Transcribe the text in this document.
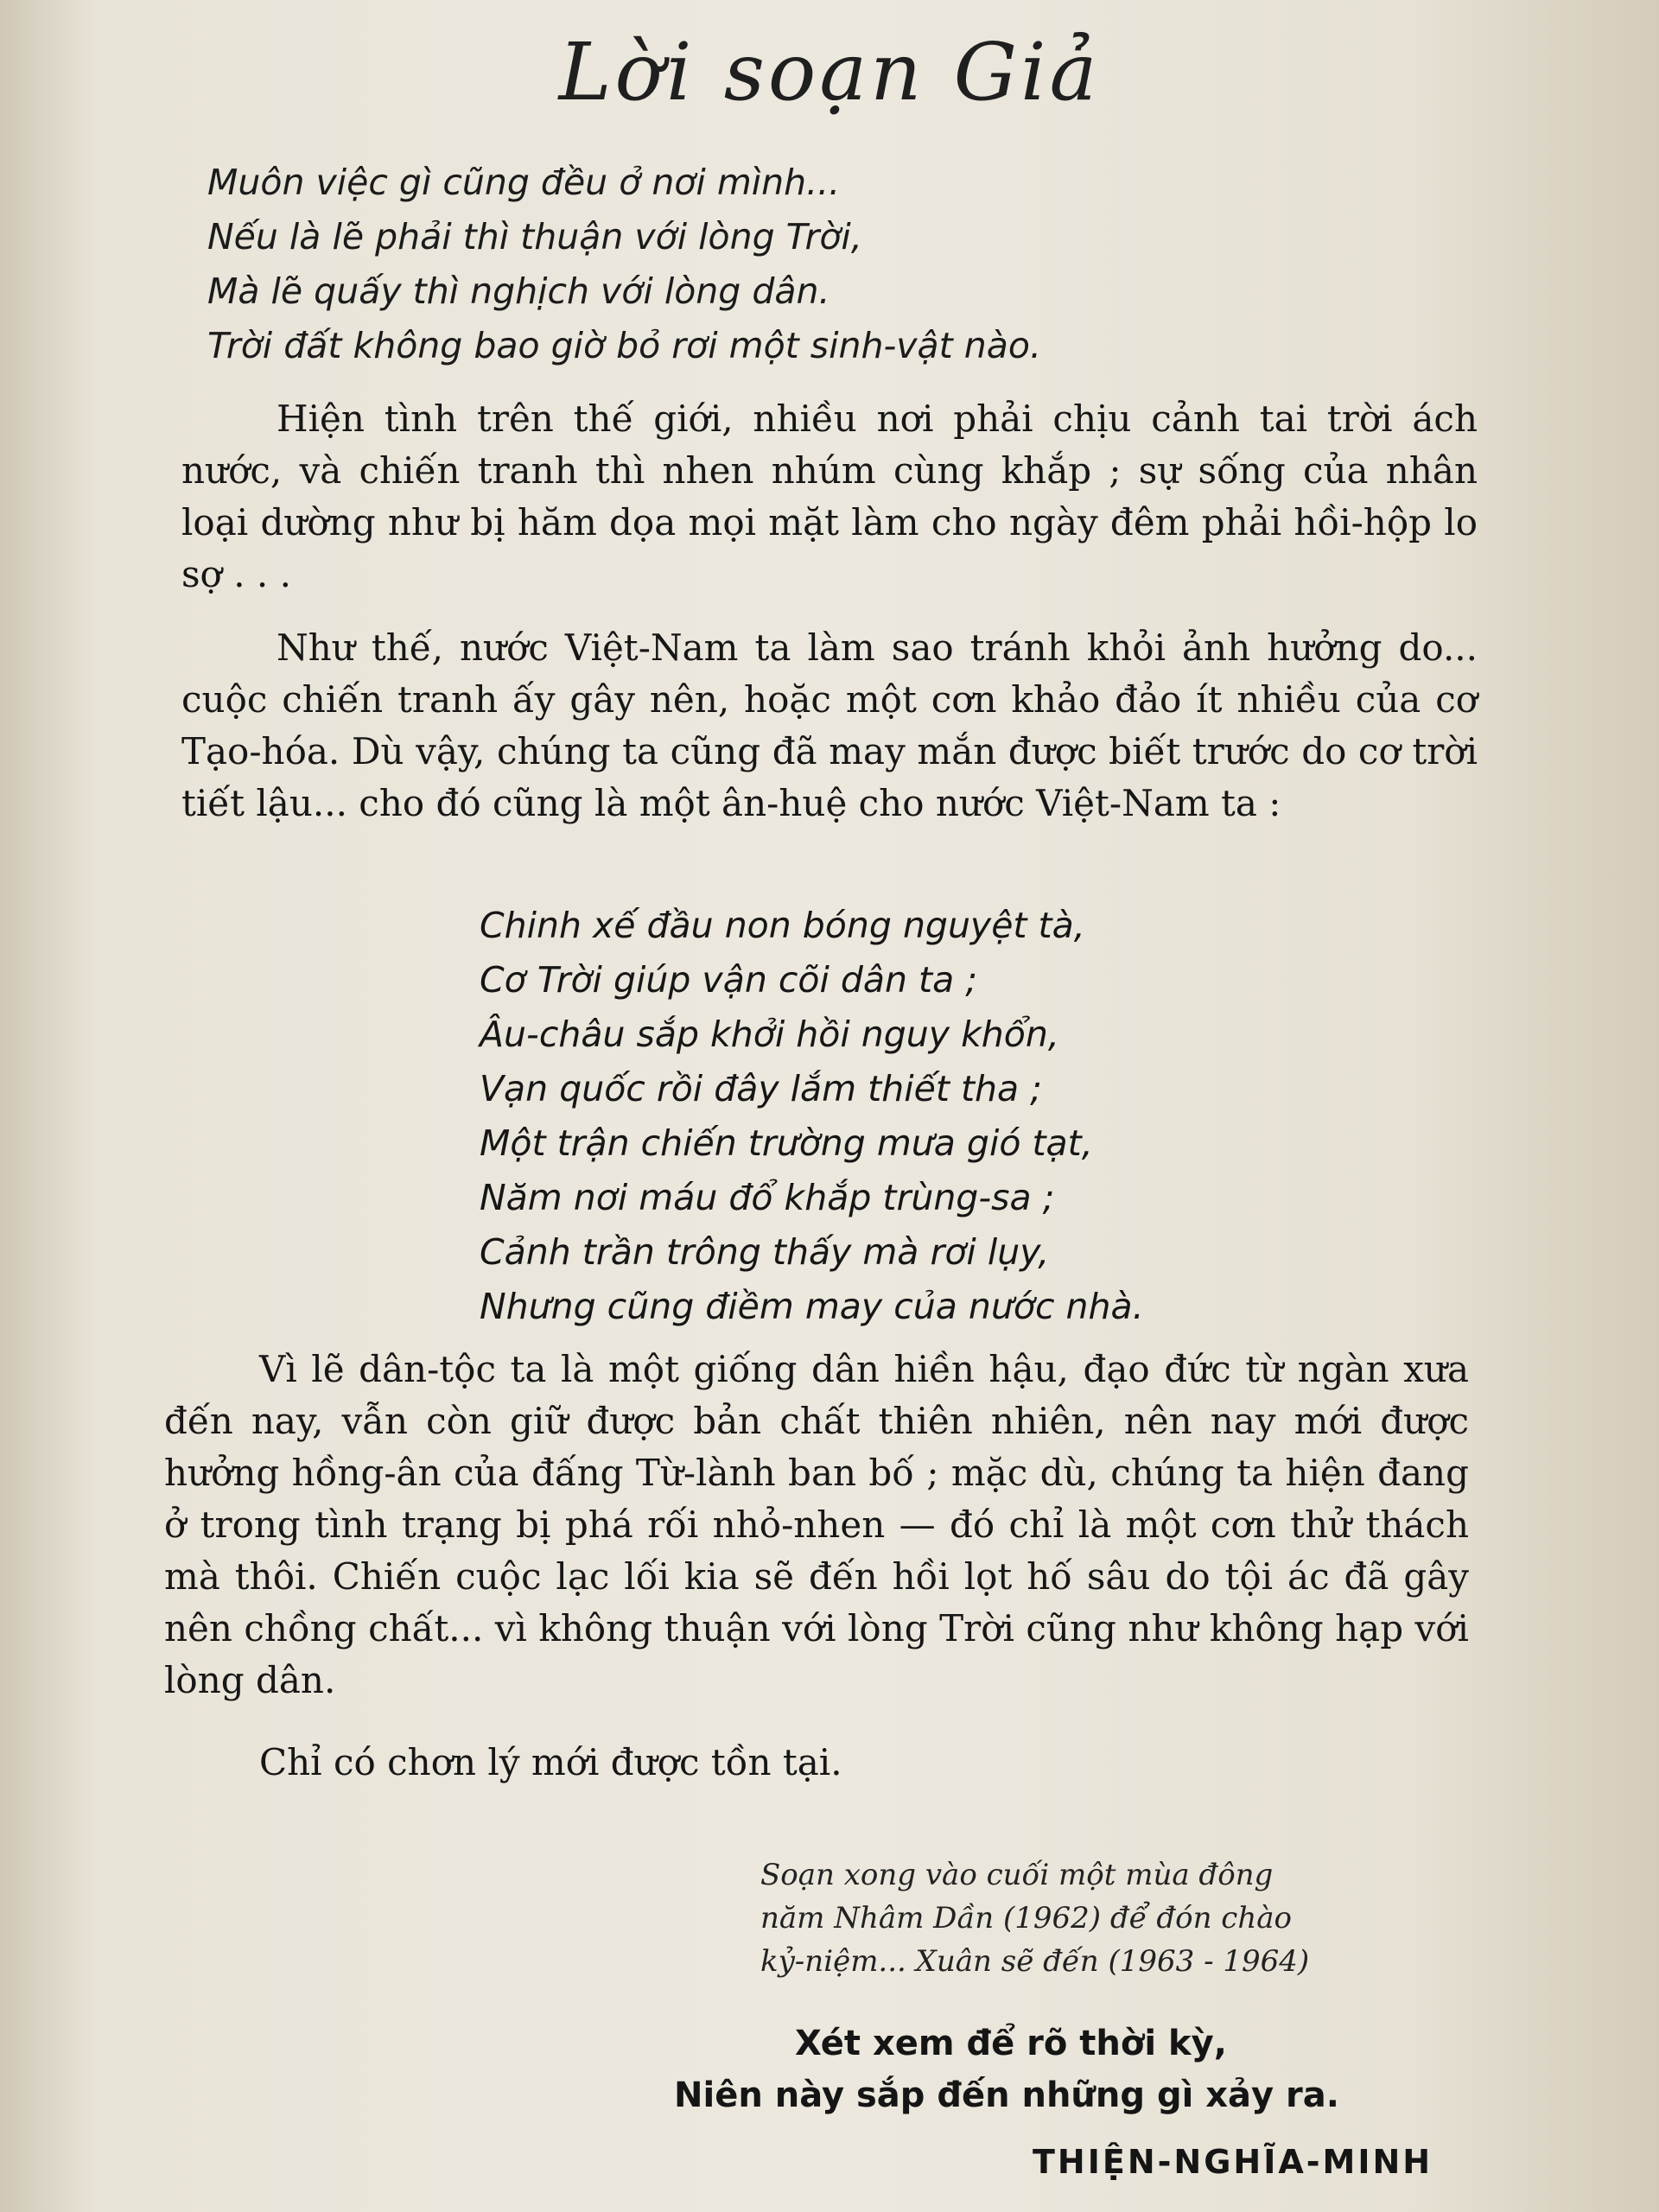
Lời soạn Giả
Muôn việc gì cũng đều ở nơi mình...
Nếu là lẽ phải thì thuận với lòng Trời,
Mà lẽ quấy thì nghịch với lòng dân.
Trời đất không bao giờ bỏ rơi một sinh-vật nào.

Hiện tình trên thế giới, nhiều nơi phải chịu cảnh tai trời ách nước, và chiến tranh thì nhen nhúm cùng khắp ; sự sống của nhân loại dường như bị hăm dọa mọi mặt làm cho ngày đêm phải hồi-hộp lo sợ . . .

Như thế, nước Việt-Nam ta làm sao tránh khỏi ảnh hưởng do... cuộc chiến tranh ấy gây nên, hoặc một cơn khảo đảo ít nhiều của cơ Tạo-hóa. Dù vậy, chúng ta cũng đã may mắn được biết trước do cơ trời tiết lậu... cho đó cũng là một ân-huệ cho nước Việt-Nam ta :

Chinh xế đầu non bóng nguyệt tà,
Cơ Trời giúp vận cõi dân ta ;
Âu-châu sắp khởi hồi nguy khổn,
Vạn quốc rồi đây lắm thiết tha ;
Một trận chiến trường mưa gió tạt,
Năm nơi máu đổ khắp trùng-sa ;
Cảnh trần trông thấy mà rơi lụy,
Nhưng cũng điềm may của nước nhà.

Vì lẽ dân-tộc ta là một giống dân hiền hậu, đạo đức từ ngàn xưa đến nay, vẫn còn giữ được bản chất thiên nhiên, nên nay mới được hưởng hồng-ân của đấng Từ-lành ban bố ; mặc dù, chúng ta hiện đang ở trong tình trạng bị phá rối nhỏ-nhen — đó chỉ là một cơn thử thách mà thôi. Chiến cuộc lạc lối kia sẽ đến hồi lọt hố sâu do tội ác đã gây nên chồng chất... vì không thuận với lòng Trời cũng như không hạp với lòng dân.

Chỉ có chơn lý mới được tồn tại.

Soạn xong vào cuối một mùa đông
năm Nhâm Dần (1962) để đón chào
kỷ-niệm... Xuân sẽ đến (1963 - 1964)
Xét xem để rõ thời kỳ,
Niên này sắp đến những gì xảy ra.
THIỆN-NGHĨA-MINH
